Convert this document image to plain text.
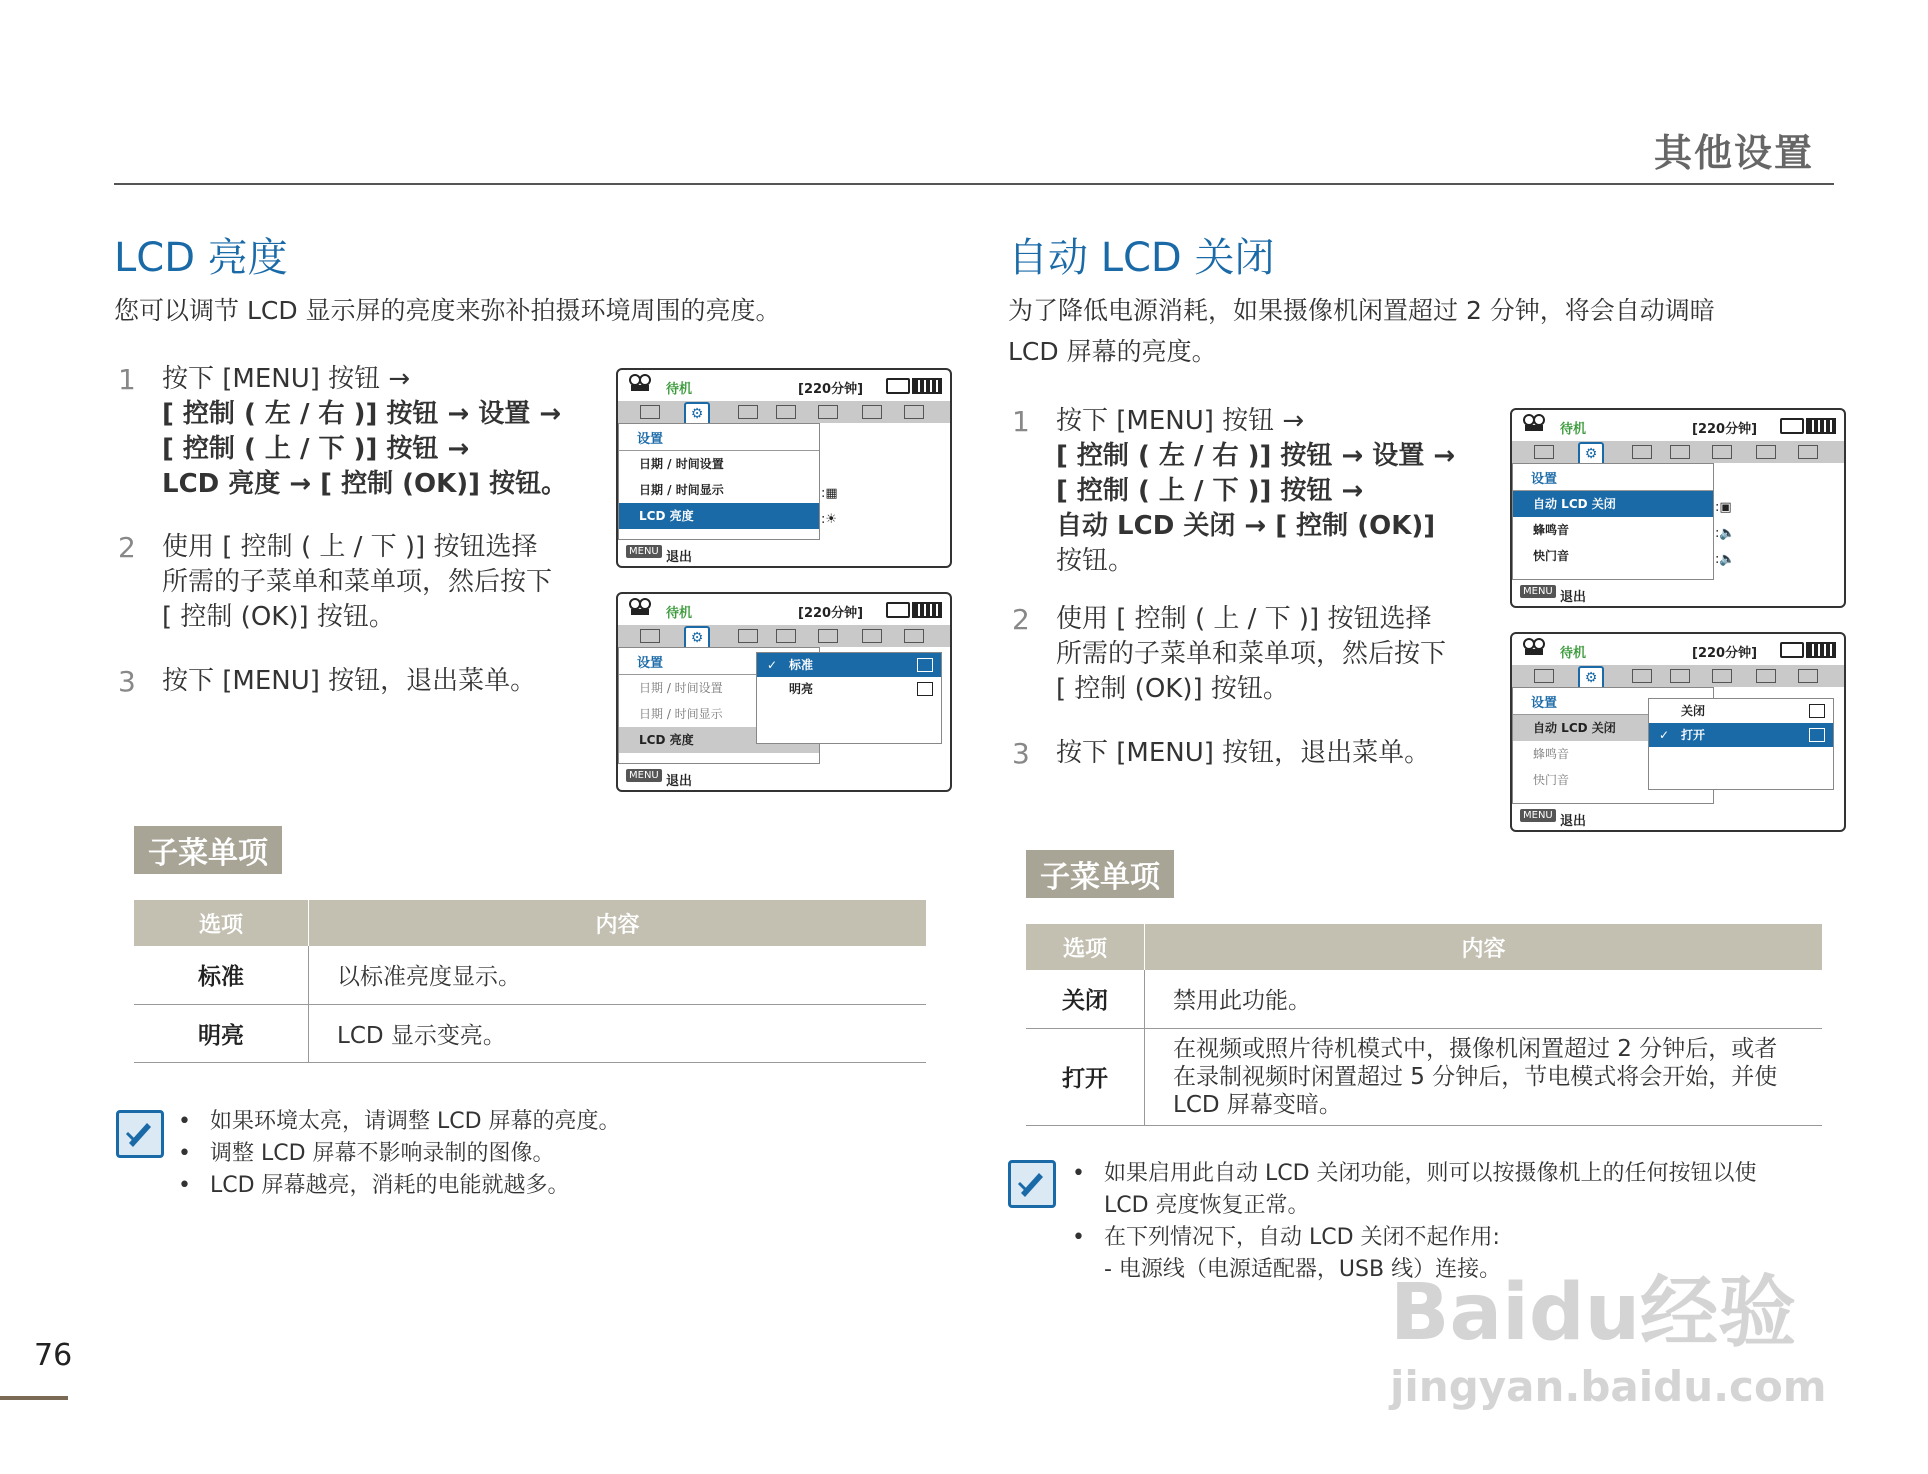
其他设置
LCD 亮度
您可以调节 LCD 显示屏的亮度来弥补拍摄环境周围的亮度。
1 按下 [MENU] 按钮 →
[ 控制 ( 左 / 右 )] 按钮 → 设置 →
[ 控制 ( 上 / 下 )] 按钮 →
LCD 亮度 → [ 控制 (OK)] 按钮。
2 使用 [ 控制 ( 上 / 下 )] 按钮选择
所需的子菜单和菜单项，然后按下
[ 控制 (OK)] 按钮。
3 按下 [MENU] 按钮，退出菜单。
待机	[220分钟]
⚙
设置
日期 / 时间设置
日期 / 时间显示
LCD 亮度
:▦
:☀
MENU 退出
待机	[220分钟]
⚙
设置
日期 / 时间设置
日期 / 时间显示
LCD 亮度
✓ 标准
明亮
MENU 退出
子菜单项
选项	内容
标准	以标准亮度显示。
明亮	LCD 显示变亮。
• 如果环境太亮，请调整 LCD 屏幕的亮度。
• 调整 LCD 屏幕不影响录制的图像。
• LCD 屏幕越亮，消耗的电能就越多。
自动 LCD 关闭
为了降低电源消耗，如果摄像机闲置超过 2 分钟，将会自动调暗
LCD 屏幕的亮度。
1 按下 [MENU] 按钮 →
[ 控制 ( 左 / 右 )] 按钮 → 设置 →
[ 控制 ( 上 / 下 )] 按钮 →
自动 LCD 关闭 → [ 控制 (OK)]
按钮。
2 使用 [ 控制 ( 上 / 下 )] 按钮选择
所需的子菜单和菜单项，然后按下
[ 控制 (OK)] 按钮。
3 按下 [MENU] 按钮，退出菜单。
待机	[220分钟]
⚙
设置
自动 LCD 关闭
蜂鸣音
快门音
:▣
:🔈
:🔈
MENU 退出
待机	[220分钟]
⚙
设置
自动 LCD 关闭
蜂鸣音
快门音
关闭
✓ 打开
MENU 退出
子菜单项
选项	内容
关闭	禁用此功能。
打开	在视频或照片待机模式中，摄像机闲置超过 2 分钟后，或者
在录制视频时闲置超过 5 分钟后，节电模式将会开始，并使
LCD 屏幕变暗。
• 如果启用此自动 LCD 关闭功能，则可以按摄像机上的任何按钮以使
LCD 亮度恢复正常。
• 在下列情况下，自动 LCD 关闭不起作用:
- 电源线（电源适配器，USB 线）连接。
Baidu经验
jingyan.baidu.com
76
